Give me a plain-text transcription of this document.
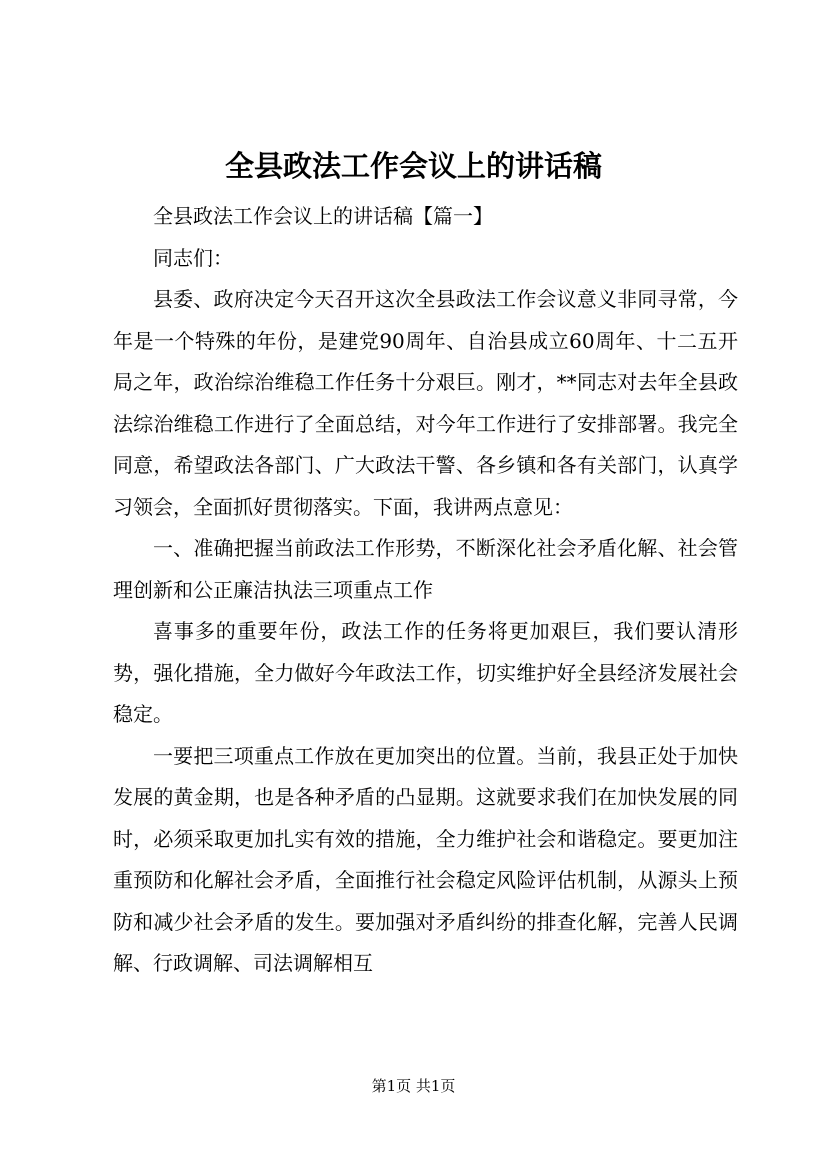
全县政法工作会议上的讲话稿

全县政法工作会议上的讲话稿【篇一】

同志们：

县委、政府决定今天召开这次全县政法工作会议意义非同寻常，今年是一个特殊的年份，是建党90周年、自治县成立60周年、十二五开局之年，政治综治维稳工作任务十分艰巨。刚才，**同志对去年全县政法综治维稳工作进行了全面总结，对今年工作进行了安排部署。我完全同意，希望政法各部门、广大政法干警、各乡镇和各有关部门，认真学习领会，全面抓好贯彻落实。下面，我讲两点意见：

一、准确把握当前政法工作形势，不断深化社会矛盾化解、社会管理创新和公正廉洁执法三项重点工作

喜事多的重要年份，政法工作的任务将更加艰巨，我们要认清形势，强化措施，全力做好今年政法工作，切实维护好全县经济发展社会稳定。

一要把三项重点工作放在更加突出的位置。当前，我县正处于加快发展的黄金期，也是各种矛盾的凸显期。这就要求我们在加快发展的同时，必须采取更加扎实有效的措施，全力维护社会和谐稳定。要更加注重预防和化解社会矛盾，全面推行社会稳定风险评估机制，从源头上预防和减少社会矛盾的发生。要加强对矛盾纠纷的排查化解，完善人民调解、行政调解、司法调解相互

第1页 共1页
